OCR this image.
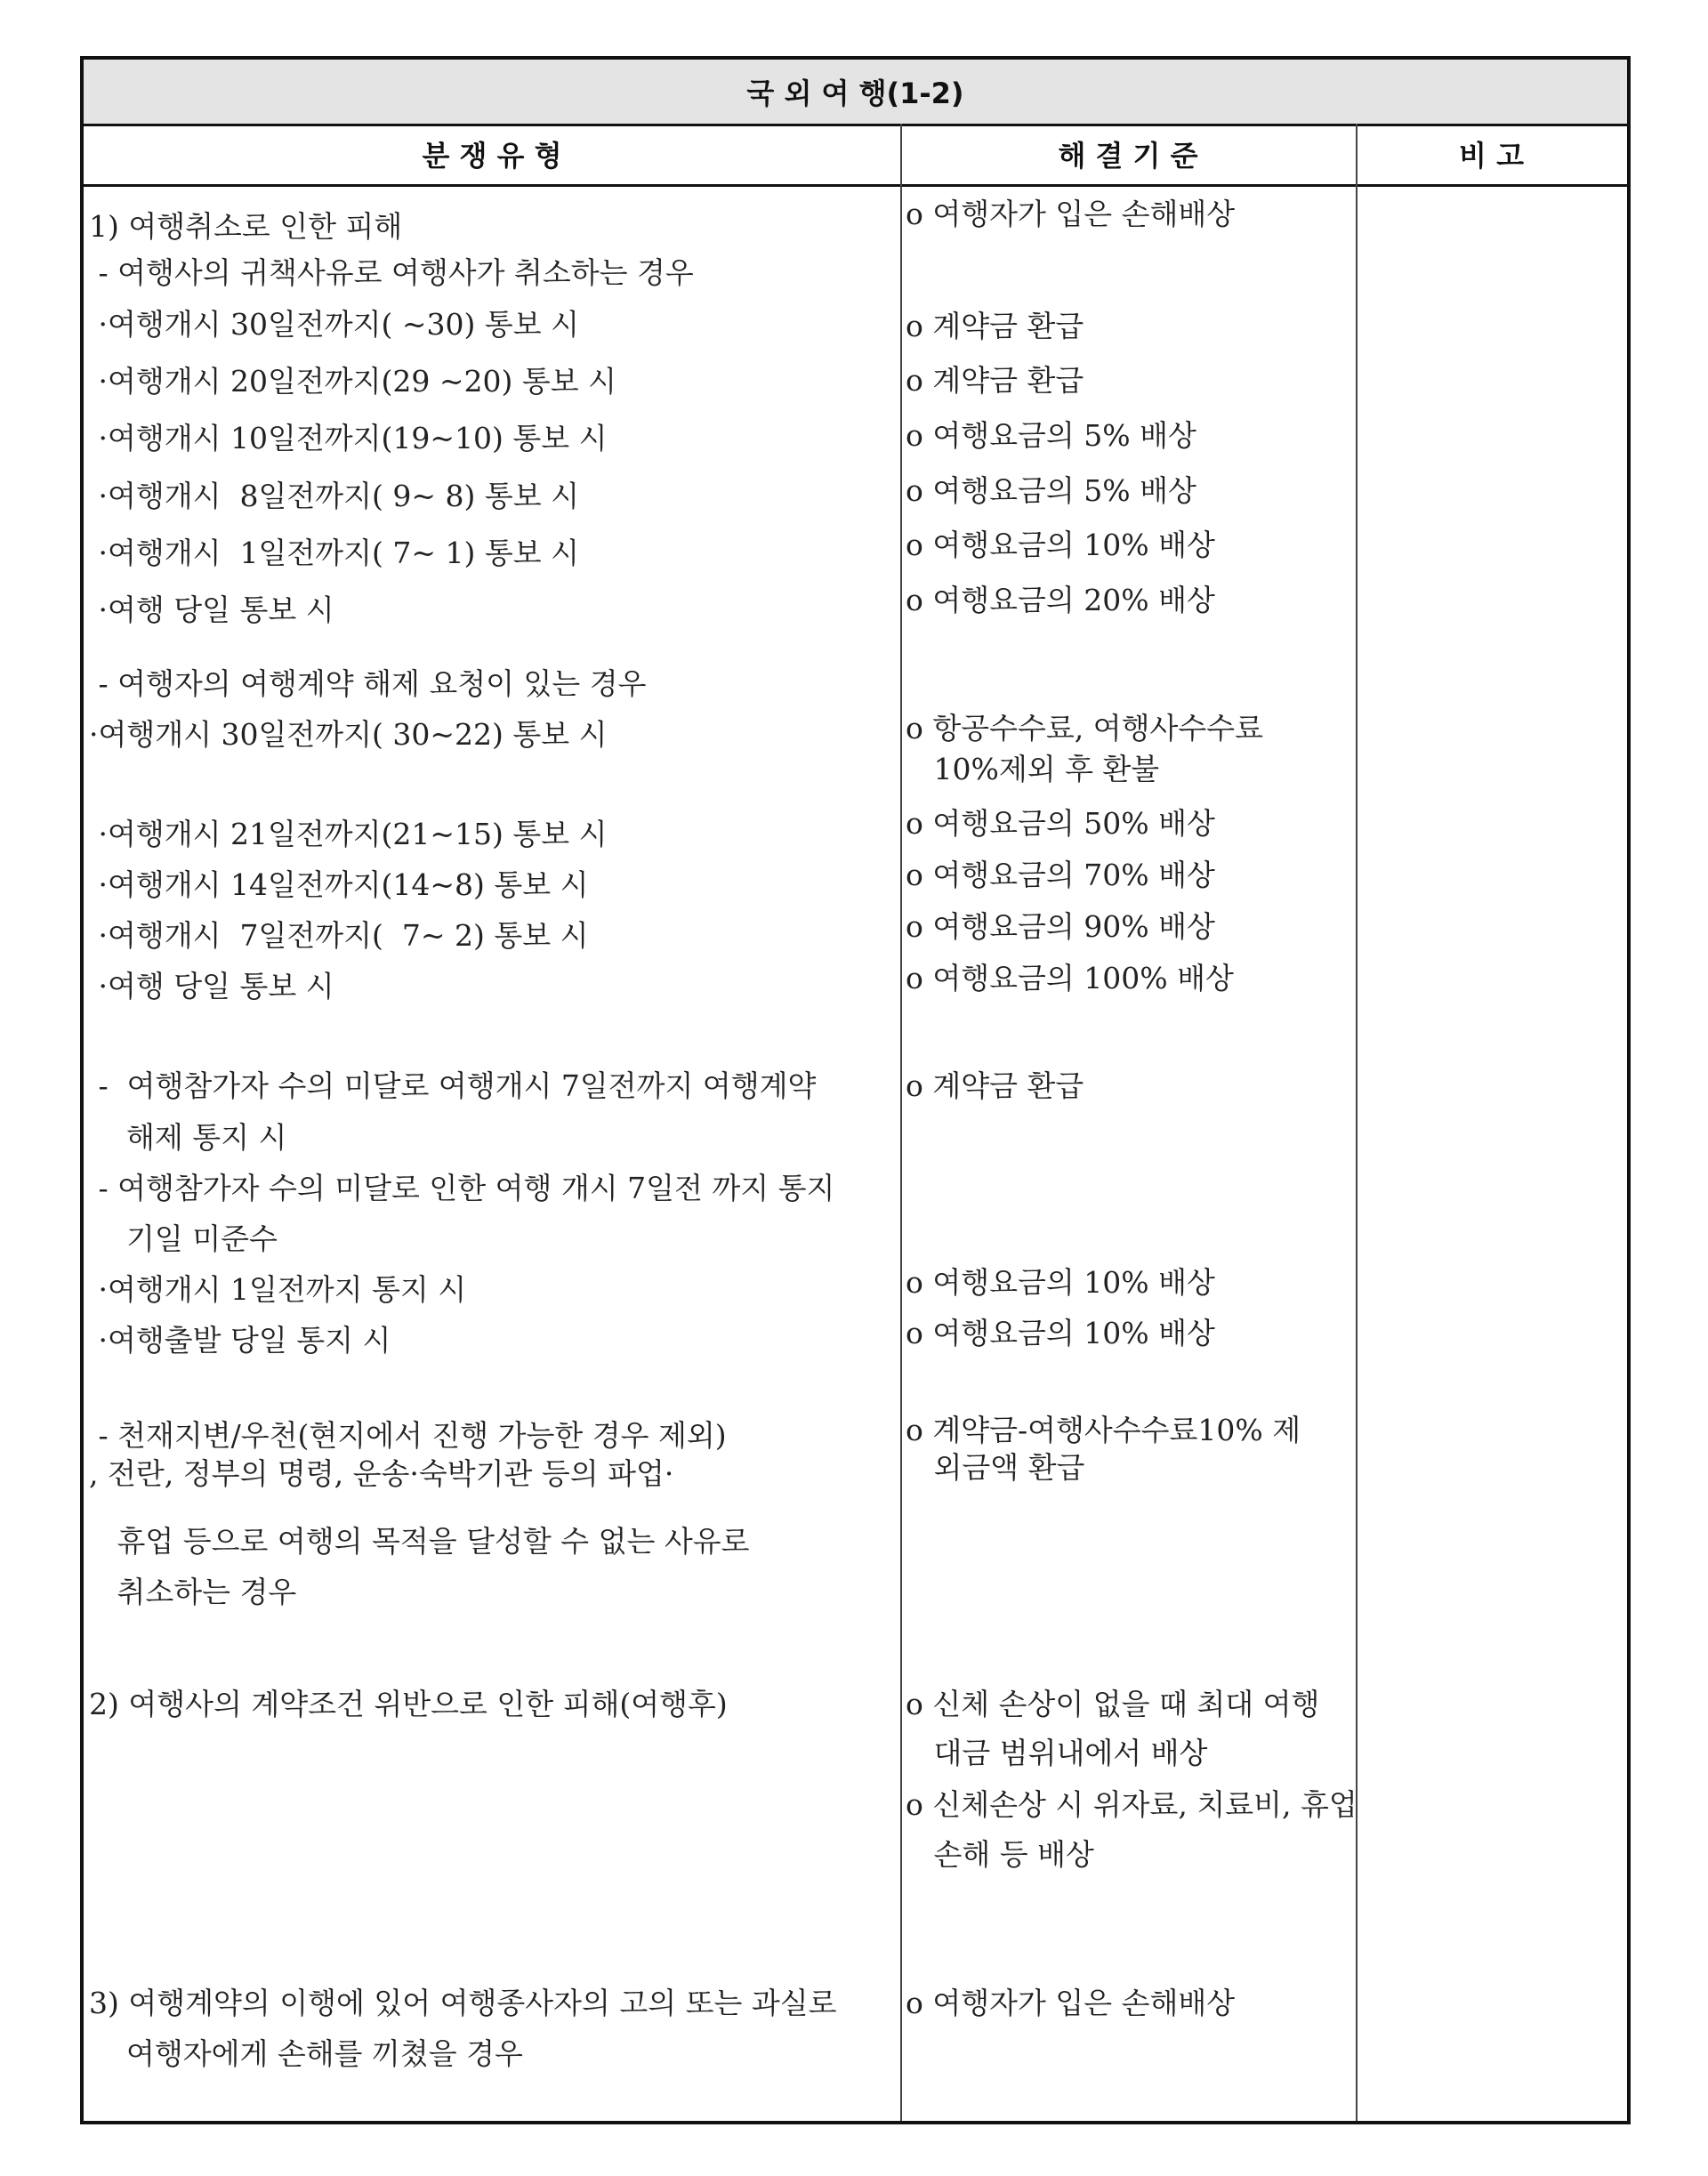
국 외 여 행(1-2)
분 쟁 유 형	해 결 기 준	비 고
1) 여행취소로 인한 피해
- 여행사의 귀책사유로 여행사가 취소하는 경우
·여행개시 30일전까지( ~30) 통보 시
·여행개시 20일전까지(29 ~20) 통보 시
·여행개시 10일전까지(19~10) 통보 시
·여행개시  8일전까지( 9~ 8) 통보 시
·여행개시  1일전까지( 7~ 1) 통보 시
·여행 당일 통보 시
- 여행자의 여행계약 해제 요청이 있는 경우
·여행개시 30일전까지( 30~22) 통보 시
·여행개시 21일전까지(21~15) 통보 시
·여행개시 14일전까지(14~8) 통보 시
·여행개시  7일전까지(  7~ 2) 통보 시
·여행 당일 통보 시
-  여행참가자 수의 미달로 여행개시 7일전까지 여행계약
해제 통지 시
- 여행참가자 수의 미달로 인한 여행 개시 7일전 까지 통지
기일 미준수
·여행개시 1일전까지 통지 시
·여행출발 당일 통지 시
- 천재지변/우천(현지에서 진행 가능한 경우 제외)
, 전란, 정부의 명령, 운송·숙박기관 등의 파업·
휴업 등으로 여행의 목적을 달성할 수 없는 사유로
취소하는 경우
2) 여행사의 계약조건 위반으로 인한 피해(여행후)
3) 여행계약의 이행에 있어 여행종사자의 고의 또는 과실로
여행자에게 손해를 끼쳤을 경우
o 여행자가 입은 손해배상
o 계약금 환급
o 계약금 환급
o 여행요금의 5% 배상
o 여행요금의 5% 배상
o 여행요금의 10% 배상
o 여행요금의 20% 배상
o 항공수수료, 여행사수수료
10%제외 후 환불
o 여행요금의 50% 배상
o 여행요금의 70% 배상
o 여행요금의 90% 배상
o 여행요금의 100% 배상
o 계약금 환급
o 여행요금의 10% 배상
o 여행요금의 10% 배상
o 계약금-여행사수수료10% 제
외금액 환급
o 신체 손상이 없을 때 최대 여행
대금 범위내에서 배상
o 신체손상 시 위자료, 치료비, 휴업
손해 등 배상
o 여행자가 입은 손해배상
